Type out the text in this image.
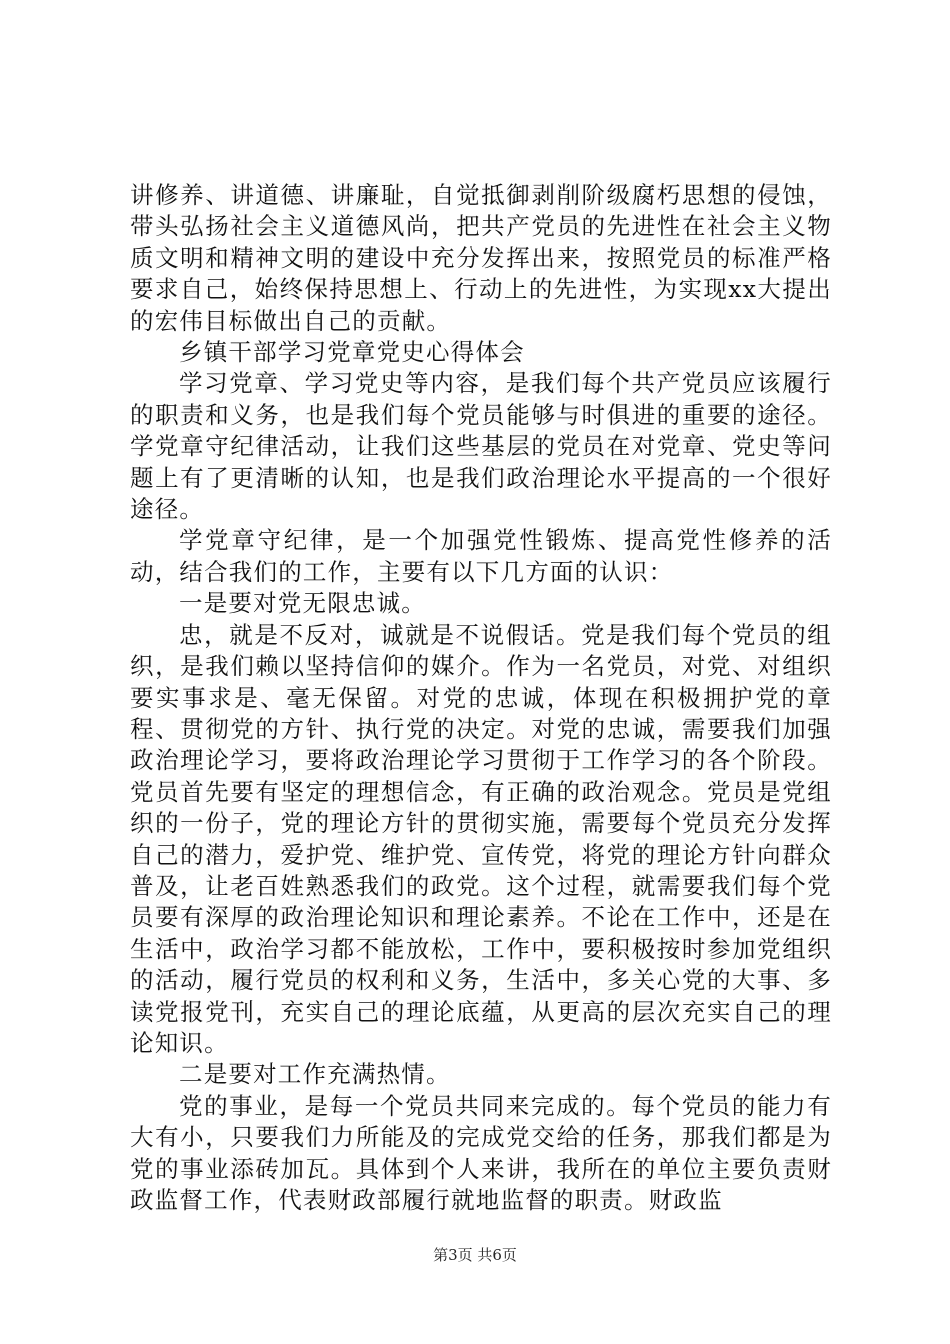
讲修养、讲道德、讲廉耻，自觉抵御剥削阶级腐朽思想的侵蚀，带头弘扬社会主义道德风尚，把共产党员的先进性在社会主义物质文明和精神文明的建设中充分发挥出来，按照党员的标准严格要求自己，始终保持思想上、行动上的先进性，为实现xx大提出的宏伟目标做出自己的贡献。

乡镇干部学习党章党史心得体会

学习党章、学习党史等内容，是我们每个共产党员应该履行的职责和义务，也是我们每个党员能够与时俱进的重要的途径。学党章守纪律活动，让我们这些基层的党员在对党章、党史等问题上有了更清晰的认知，也是我们政治理论水平提高的一个很好途径。

学党章守纪律，是一个加强党性锻炼、提高党性修养的活动，结合我们的工作，主要有以下几方面的认识：

一是要对党无限忠诚。

忠，就是不反对，诚就是不说假话。党是我们每个党员的组织，是我们赖以坚持信仰的媒介。作为一名党员，对党、对组织要实事求是、毫无保留。对党的忠诚，体现在积极拥护党的章程、贯彻党的方针、执行党的决定。对党的忠诚，需要我们加强政治理论学习，要将政治理论学习贯彻于工作学习的各个阶段。党员首先要有坚定的理想信念，有正确的政治观念。党员是党组织的一份子，党的理论方针的贯彻实施，需要每个党员充分发挥自己的潜力，爱护党、维护党、宣传党，将党的理论方针向群众普及，让老百姓熟悉我们的政党。这个过程，就需要我们每个党员要有深厚的政治理论知识和理论素养。不论在工作中，还是在生活中，政治学习都不能放松，工作中，要积极按时参加党组织的活动，履行党员的权利和义务，生活中，多关心党的大事、多读党报党刊，充实自己的理论底蕴，从更高的层次充实自己的理论知识。

二是要对工作充满热情。

党的事业，是每一个党员共同来完成的。每个党员的能力有大有小，只要我们力所能及的完成党交给的任务，那我们都是为党的事业添砖加瓦。具体到个人来讲，我所在的单位主要负责财政监督工作，代表财政部履行就地监督的职责。财政监

第3页 共6页
